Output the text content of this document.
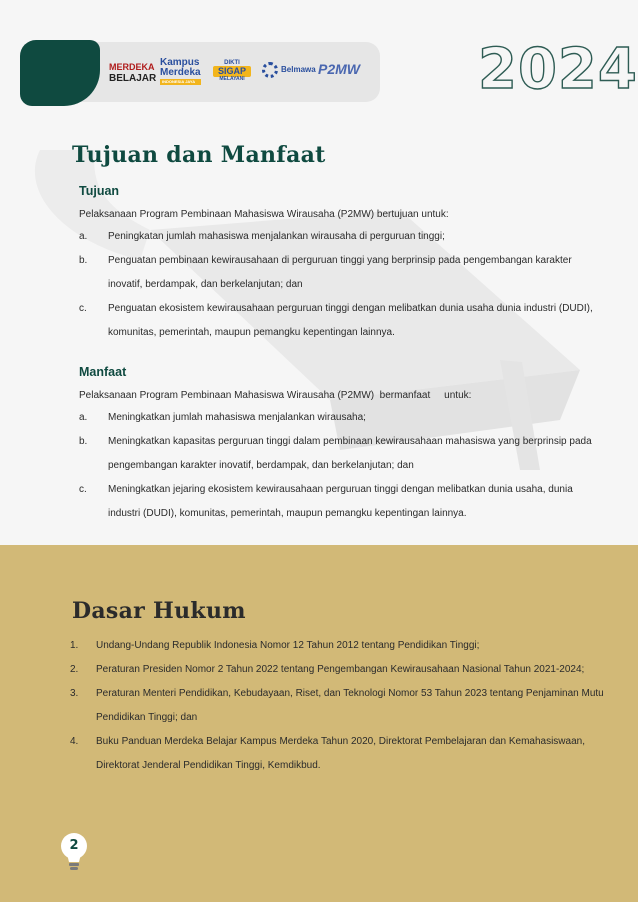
MERDEKA
BELAJAR
Kampus
Merdeka
INDONESIA JAYA
DIKTI
SIGAP
MELAYANI
Belmawa P2MW 2024
Tujuan dan Manfaat
Tujuan

Pelaksanaan Program Pembinaan Mahasiswa Wirausaha (P2MW) bertujuan untuk:

a.	Peningkatan jumlah mahasiswa menjalankan wirausaha di perguruan tinggi;
b.	Penguatan pembinaan kewirausahaan di perguruan tinggi yang berprinsip pada pengembangan karakter inovatif, berdampak, dan berkelanjutan; dan
c.	Penguatan ekosistem kewirausahaan perguruan tinggi dengan melibatkan dunia usaha dunia industri (DUDI), komunitas, pemerintah, maupun pemangku kepentingan lainnya.
Manfaat

Pelaksanaan Program Pembinaan Mahasiswa Wirausaha (P2MW)  bermanfaat     untuk:

a.	Meningkatkan jumlah mahasiswa menjalankan wirausaha;
b.	Meningkatkan kapasitas perguruan tinggi dalam pembinaan kewirausahaan mahasiswa yang berprinsip pada pengembangan karakter inovatif, berdampak, dan berkelanjutan; dan
c.	Meningkatkan jejaring ekosistem kewirausahaan perguruan tinggi dengan melibatkan dunia usaha, dunia industri (DUDI), komunitas, pemerintah, maupun pemangku kepentingan lainnya.
Dasar Hukum
1.	Undang-Undang Republik Indonesia Nomor 12 Tahun 2012 tentang Pendidikan Tinggi;
2.	Peraturan Presiden Nomor 2 Tahun 2022 tentang Pengembangan Kewirausahaan Nasional Tahun 2021-2024;
3.	Peraturan Menteri Pendidikan, Kebudayaan, Riset, dan Teknologi Nomor 53 Tahun 2023 tentang Penjaminan Mutu Pendidikan Tinggi; dan
4.	Buku Panduan Merdeka Belajar Kampus Merdeka Tahun 2020, Direktorat Pembelajaran dan Kemahasiswaan, Direktorat Jenderal Pendidikan Tinggi, Kemdikbud.
2
